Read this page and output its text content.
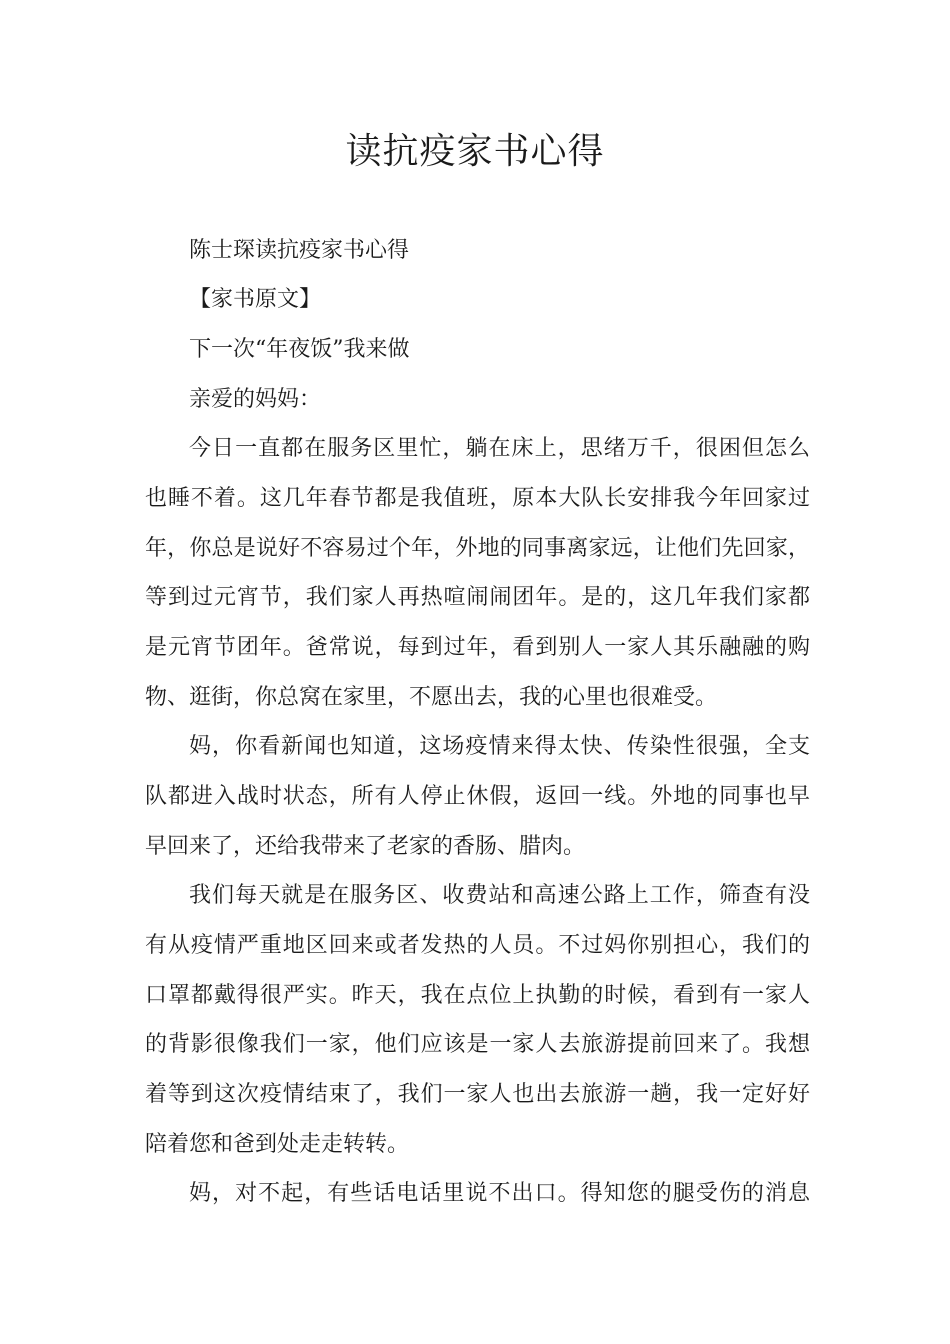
读抗疫家书心得

陈士琛读抗疫家书心得

【家书原文】

下一次“年夜饭”我来做

亲爱的妈妈：

今日一直都在服务区里忙，躺在床上，思绪万千，很困但怎么

也睡不着。这几年春节都是我值班，原本大队长安排我今年回家过

年，你总是说好不容易过个年，外地的同事离家远，让他们先回家，

等到过元宵节，我们家人再热喧闹闹团年。是的，这几年我们家都

是元宵节团年。爸常说，每到过年，看到别人一家人其乐融融的购

物、逛街，你总窝在家里，不愿出去，我的心里也很难受。

妈，你看新闻也知道，这场疫情来得太快、传染性很强，全支

队都进入战时状态，所有人停止休假，返回一线。外地的同事也早

早回来了，还给我带来了老家的香肠、腊肉。

我们每天就是在服务区、收费站和高速公路上工作，筛查有没

有从疫情严重地区回来或者发热的人员。不过妈你别担心，我们的

口罩都戴得很严实。昨天，我在点位上执勤的时候，看到有一家人

的背影很像我们一家，他们应该是一家人去旅游提前回来了。我想

着等到这次疫情结束了，我们一家人也出去旅游一趟，我一定好好

陪着您和爸到处走走转转。

妈，对不起，有些话电话里说不出口。得知您的腿受伤的消息
